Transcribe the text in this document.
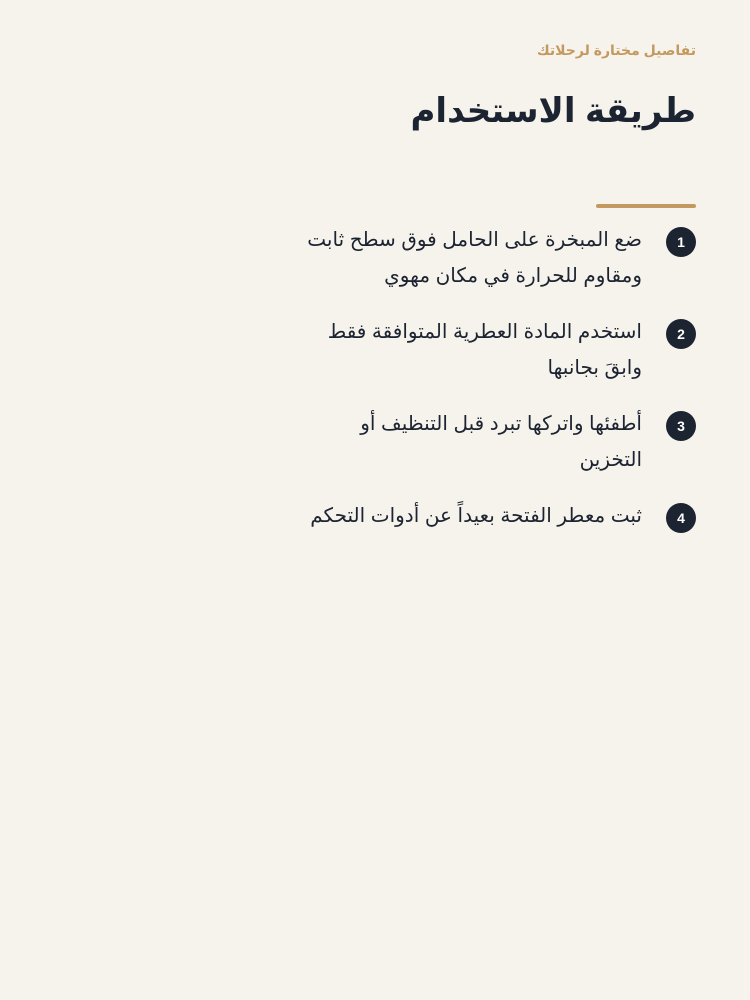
تفاصيل مختارة لرحلاتك
طريقة الاستخدام
1
ضع المبخرة على الحامل فوق سطح ثابت ومقاوم للحرارة في مكان مهوي
2
استخدم المادة العطرية المتوافقة فقط وابقَ بجانبها
3
أطفئها واتركها تبرد قبل التنظيف أو التخزين
4
ثبت معطر الفتحة بعيداً عن أدوات التحكم
